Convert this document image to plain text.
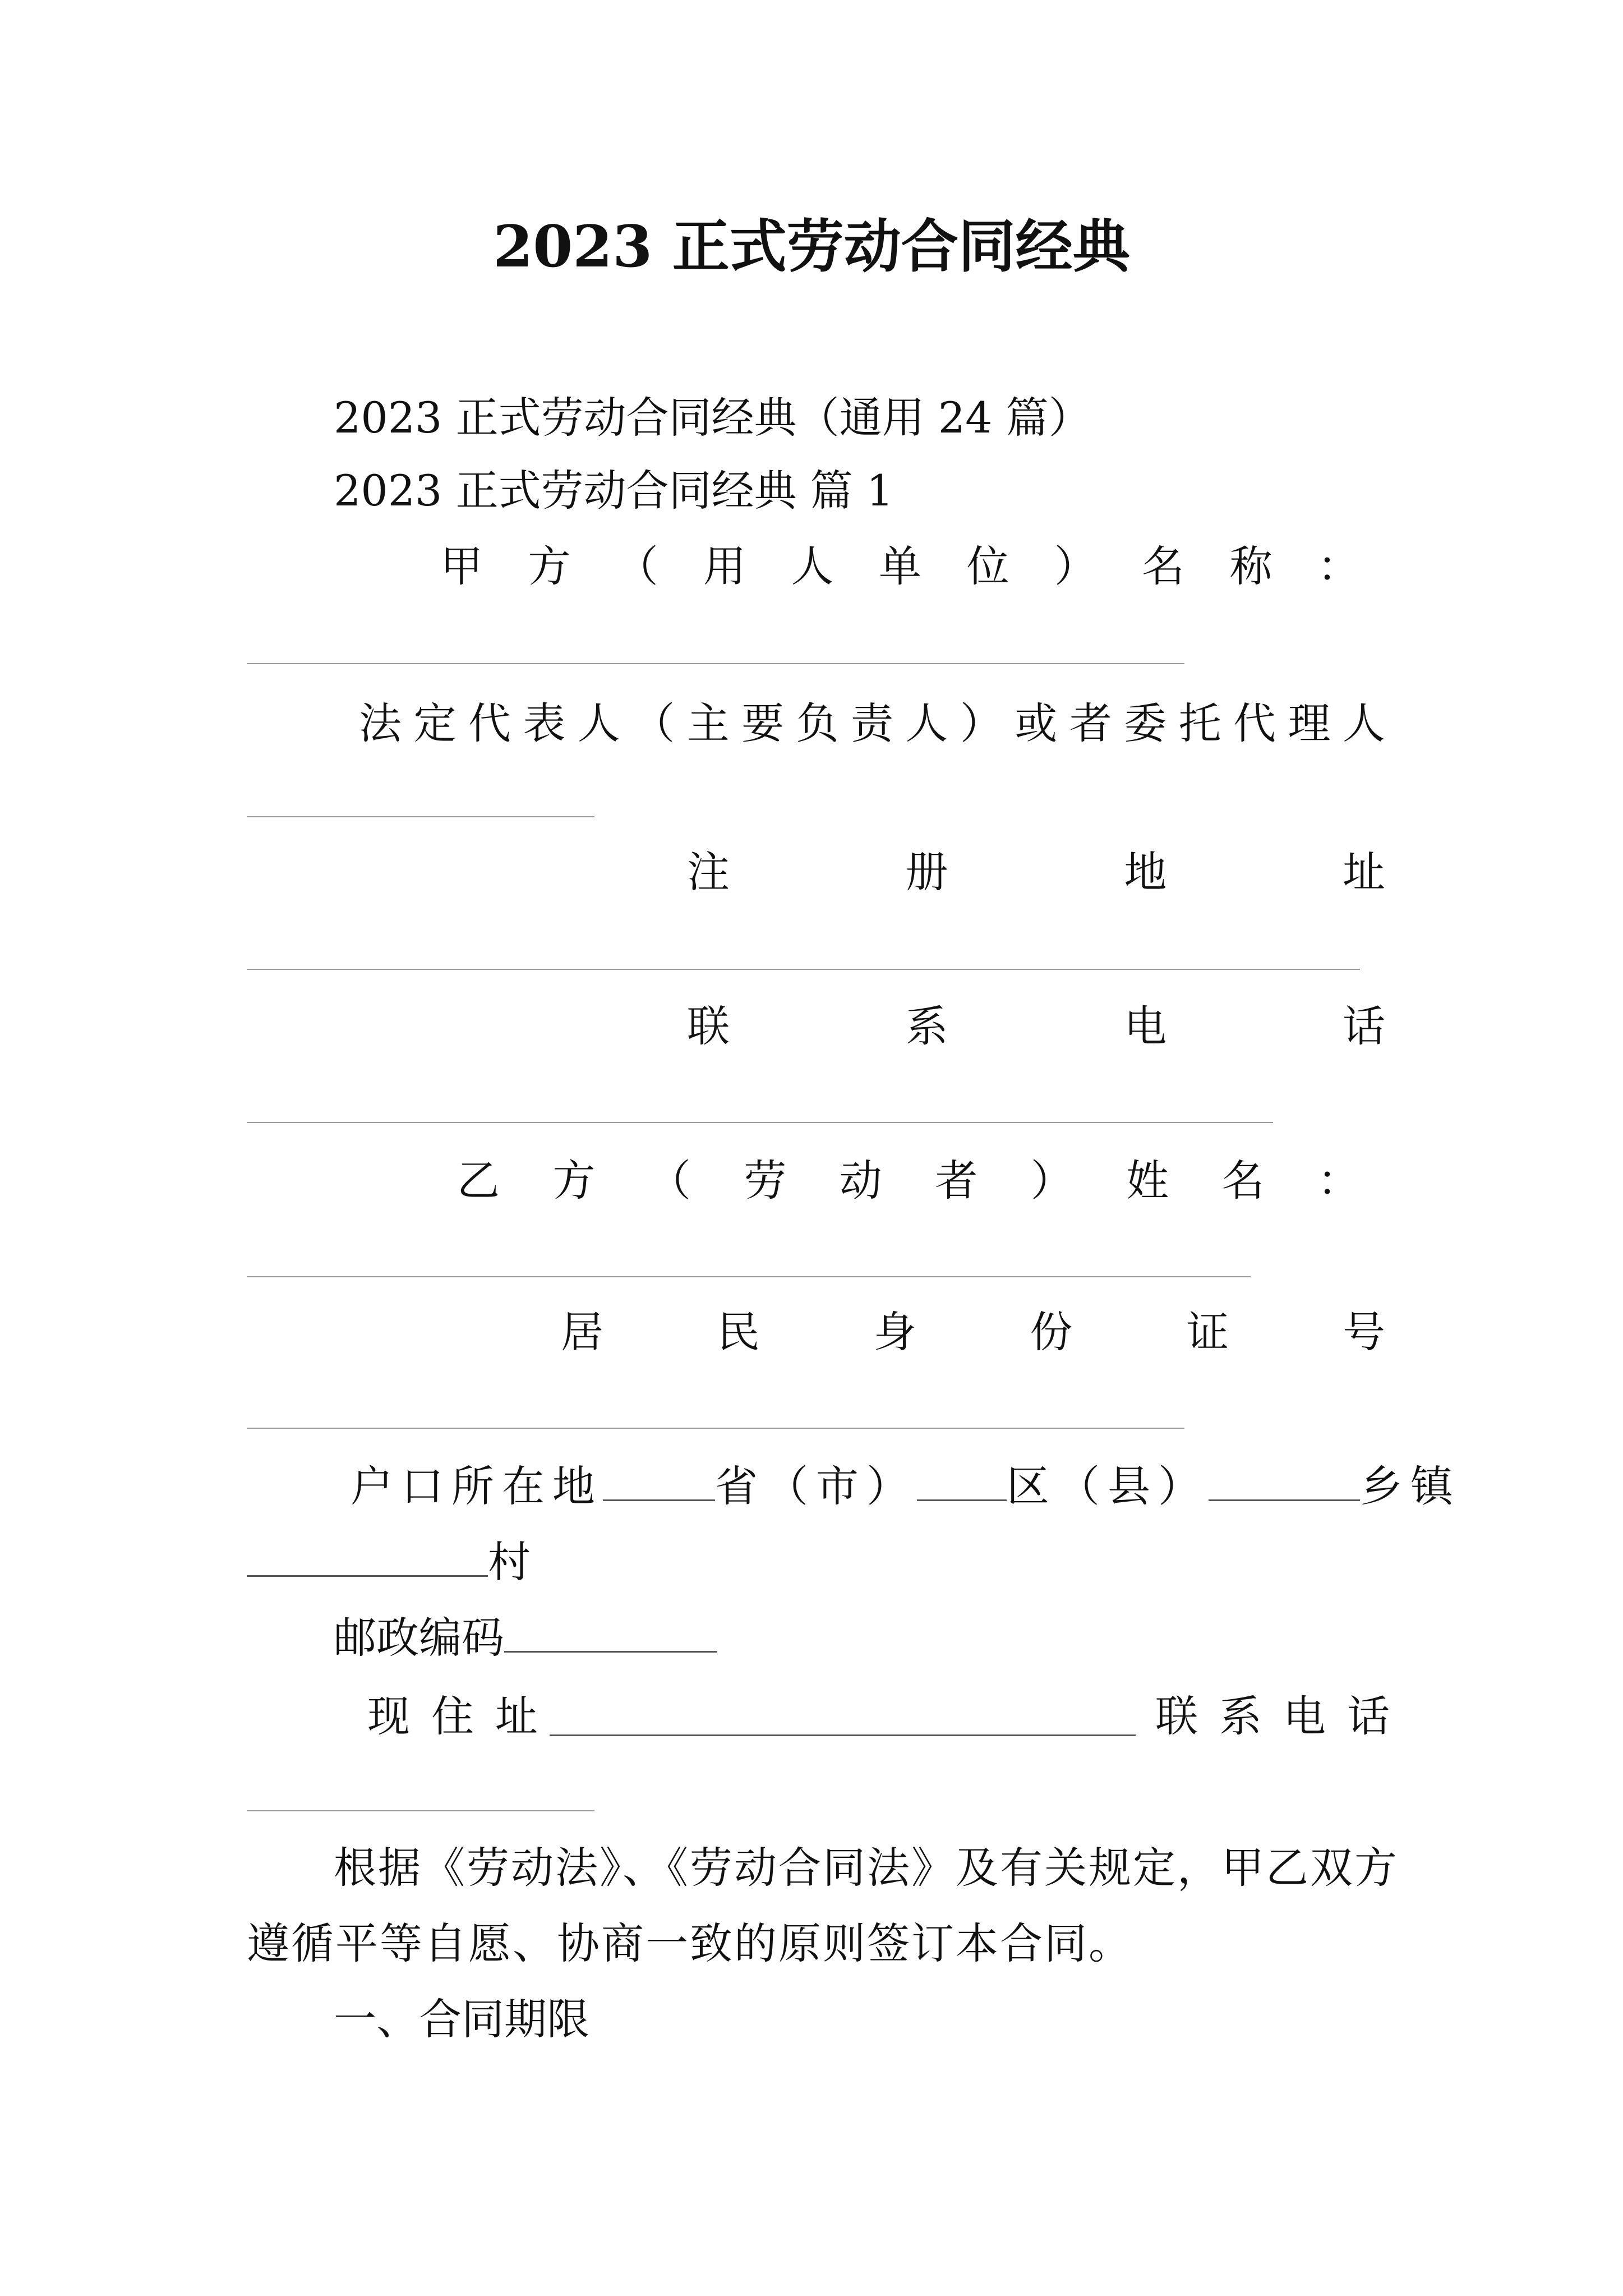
2023 正式劳动合同经典
2023 正式劳动合同经典（通用 24 篇）
2023 正式劳动合同经典 篇 1
甲 方 （ 用 人 单 位 ） 名 称 ：
法 定 代 表 人 （ 主 要 负 责 人 ） 或 者 委 托 代 理 人
注	册	地	址
联	系	电	话
乙 方 （ 劳 动 者 ） 姓 名 ：
居	民	身	份	证	号
户口所在地	省（市） 区（县）	乡镇
村
邮政编码
现住址	联系电话
根据《劳动法》、《劳动合同法》及有关规定，甲乙双方
遵循平等自愿、协商一致的原则签订本合同。
一、合同期限
